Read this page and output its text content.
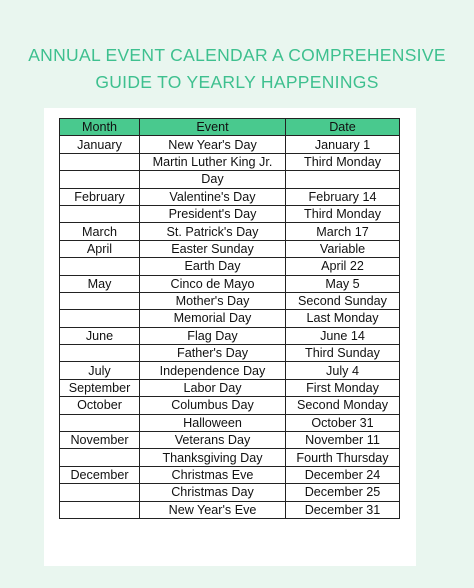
ANNUAL EVENT CALENDAR A COMPREHENSIVE
GUIDE TO YEARLY HAPPENINGS
Month	Event	Date
January	New Year's Day	January 1
	Martin Luther King Jr.	Third Monday
	Day	
February	Valentine's Day	February 14
	President's Day	Third Monday
March	St. Patrick's Day	March 17
April	Easter Sunday	Variable
	Earth Day	April 22
May	Cinco de Mayo	May 5
	Mother's Day	Second Sunday
	Memorial Day	Last Monday
June	Flag Day	June 14
	Father's Day	Third Sunday
July	Independence Day	July 4
September	Labor Day	First Monday
October	Columbus Day	Second Monday
	Halloween	October 31
November	Veterans Day	November 11
	Thanksgiving Day	Fourth Thursday
December	Christmas Eve	December 24
	Christmas Day	December 25
	New Year's Eve	December 31
